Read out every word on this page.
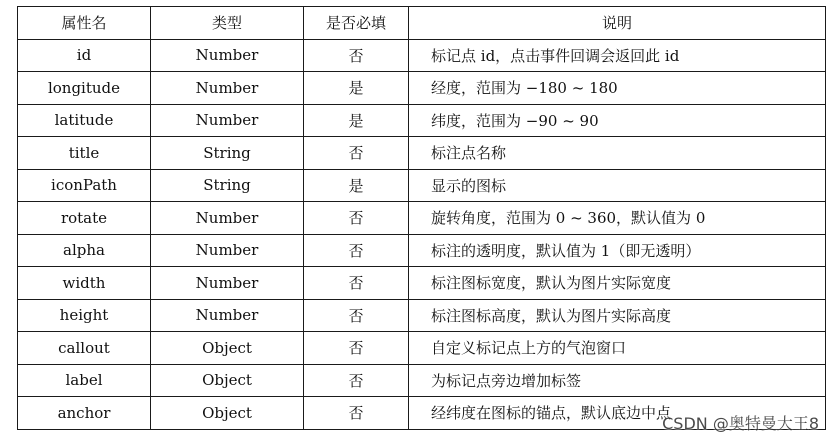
属性名	类型	是否必填	说明
id	Number	否	标记点 id，点击事件回调会返回此 id
longitude	Number	是	经度，范围为 −180 ~ 180
latitude	Number	是	纬度，范围为 −90 ~ 90
title	String	否	标注点名称
iconPath	String	是	显示的图标
rotate	Number	否	旋转角度，范围为 0 ~ 360，默认值为 0
alpha	Number	否	标注的透明度，默认值为 1（即无透明）
width	Number	否	标注图标宽度，默认为图片实际宽度
height	Number	否	标注图标高度，默认为图片实际高度
callout	Object	否	自定义标记点上方的气泡窗口
label	Object	否	为标记点旁边增加标签
anchor	Object	否	经纬度在图标的锚点，默认底边中点
CSDN @奥特曼大王8
